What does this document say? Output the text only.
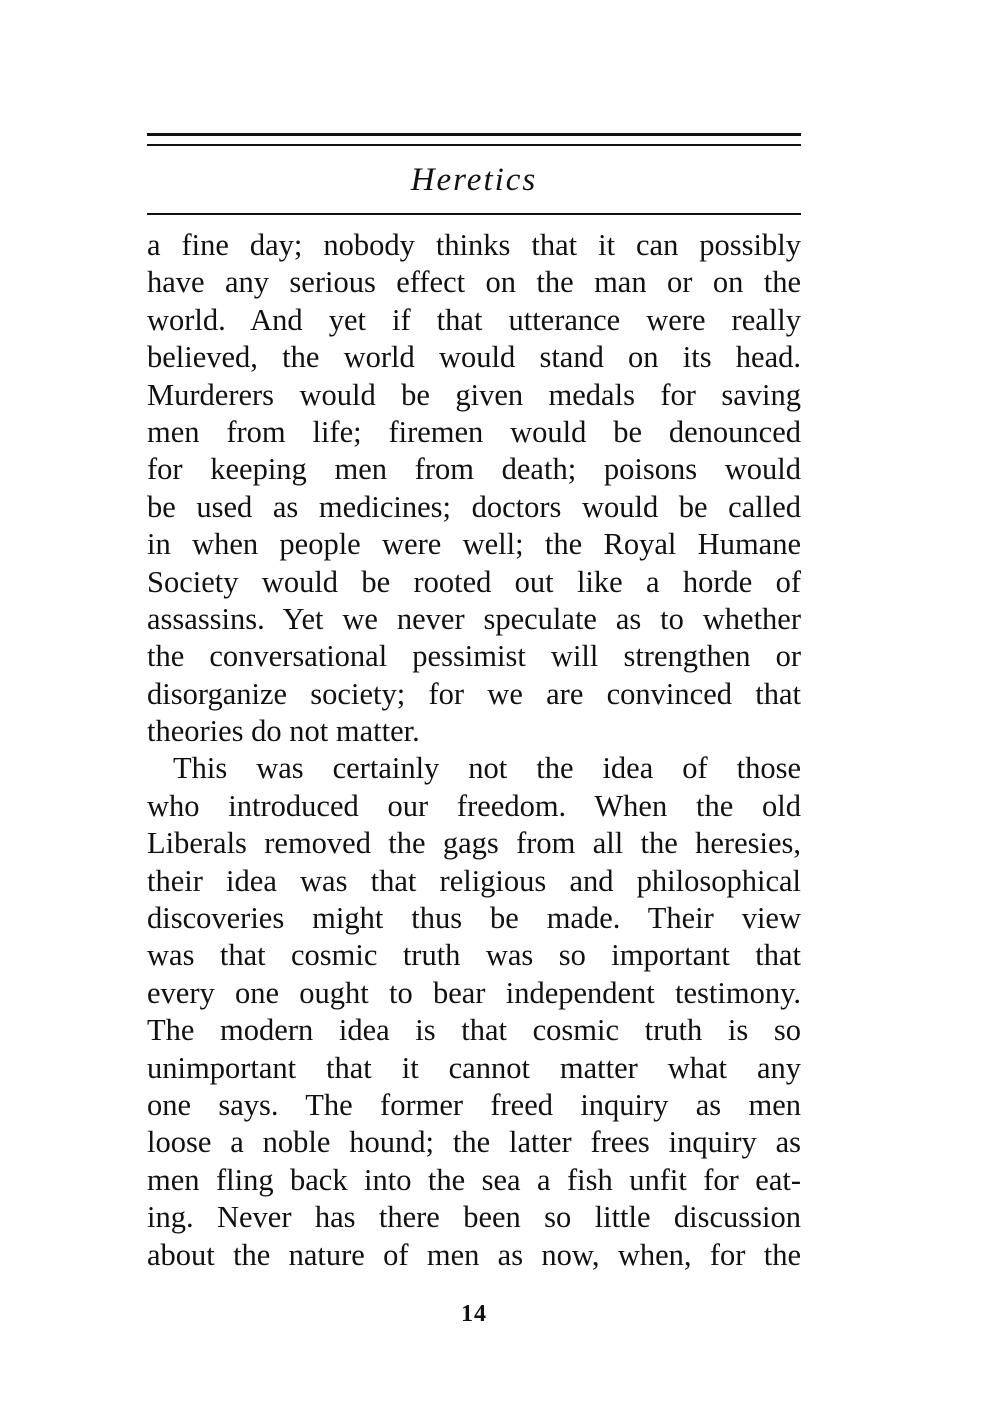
Heretics
a fine day; nobody thinks that it can possibly
have any serious effect on the man or on the
world. And yet if that utterance were really
believed, the world would stand on its head.
Murderers would be given medals for saving
men from life; firemen would be denounced
for keeping men from death; poisons would
be used as medicines; doctors would be called
in when people were well; the Royal Humane
Society would be rooted out like a horde of
assassins. Yet we never speculate as to whether
the conversational pessimist will strengthen or
disorganize society; for we are convinced that
theories do not matter.
This was certainly not the idea of those
who introduced our freedom. When the old
Liberals removed the gags from all the heresies,
their idea was that religious and philosophical
discoveries might thus be made. Their view
was that cosmic truth was so important that
every one ought to bear independent testimony.
The modern idea is that cosmic truth is so
unimportant that it cannot matter what any
one says. The former freed inquiry as men
loose a noble hound; the latter frees inquiry as
men fling back into the sea a fish unfit for eat-
ing. Never has there been so little discussion
about the nature of men as now, when, for the
14
